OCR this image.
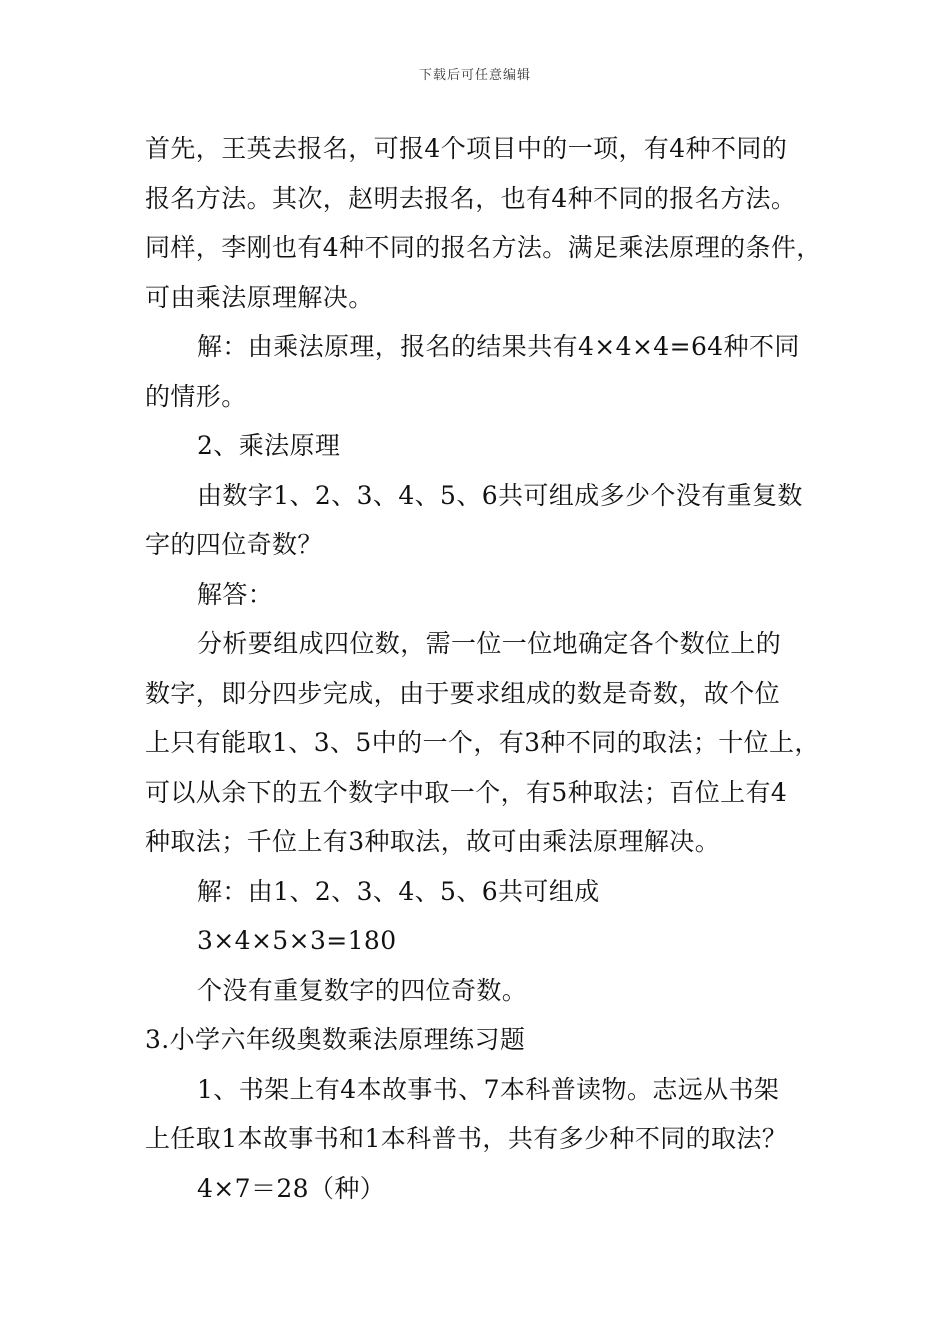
下载后可任意编辑
首先，王英去报名，可报4个项目中的一项，有4种不同的
报名方法。其次，赵明去报名，也有4种不同的报名方法。
同样，李刚也有4种不同的报名方法。满足乘法原理的条件，
可由乘法原理解决。
解：由乘法原理，报名的结果共有4×4×4=64种不同
的情形。
2、乘法原理
由数字1、2、3、4、5、6共可组成多少个没有重复数
字的四位奇数？
解答：
分析要组成四位数，需一位一位地确定各个数位上的
数字，即分四步完成，由于要求组成的数是奇数，故个位
上只有能取1、3、5中的一个，有3种不同的取法；十位上，
可以从余下的五个数字中取一个，有5种取法；百位上有4
种取法；千位上有3种取法，故可由乘法原理解决。
解：由1、2、3、4、5、6共可组成
3×4×5×3=180
个没有重复数字的四位奇数。
3.小学六年级奥数乘法原理练习题
1、书架上有4本故事书、7本科普读物。志远从书架
上任取1本故事书和1本科普书，共有多少种不同的取法？
4×7＝28（种）
